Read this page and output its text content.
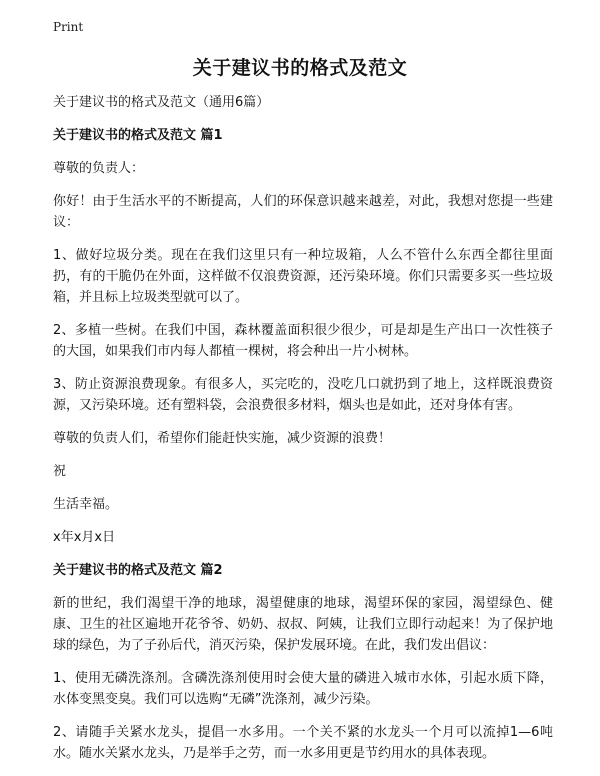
Print
关于建议书的格式及范文

关于建议书的格式及范文（通用6篇）

关于建议书的格式及范文 篇1

尊敬的负责人：

你好！由于生活水平的不断提高，人们的环保意识越来越差，对此，我想对您提一些建议：

1、做好垃圾分类。现在在我们这里只有一种垃圾箱，人么不管什么东西全都往里面扔，有的干脆仍在外面，这样做不仅浪费资源，还污染环境。你们只需要多买一些垃圾箱，并且标上垃圾类型就可以了。

2、多植一些树。在我们中国，森林覆盖面积很少很少，可是却是生产出口一次性筷子的大国，如果我们市内每人都植一棵树，将会种出一片小树林。

3、防止资源浪费现象。有很多人，买完吃的，没吃几口就扔到了地上，这样既浪费资源，又污染环境。还有塑料袋，会浪费很多材料，烟头也是如此，还对身体有害。

尊敬的负责人们，希望你们能赶快实施，减少资源的浪费！

祝

生活幸福。

x年x月x日

关于建议书的格式及范文 篇2

新的世纪，我们渴望干净的地球，渴望健康的地球，渴望环保的家园，渴望绿色、健康、卫生的社区遍地开花爷爷、奶奶、叔叔、阿姨，让我们立即行动起来！为了保护地球的绿色，为了子孙后代，消灭污染，保护发展环境。在此，我们发出倡议：

1、使用无磷洗涤剂。含磷洗涤剂使用时会使大量的磷进入城市水体，引起水质下降，水体变黑变臭。我们可以选购“无磷”洗涤剂，减少污染。

2、请随手关紧水龙头，提倡一水多用。一个关不紧的水龙头一个月可以流掉1—6吨水。随水关紧水龙头，乃是举手之劳，而一水多用更是节约用水的具体表现。
